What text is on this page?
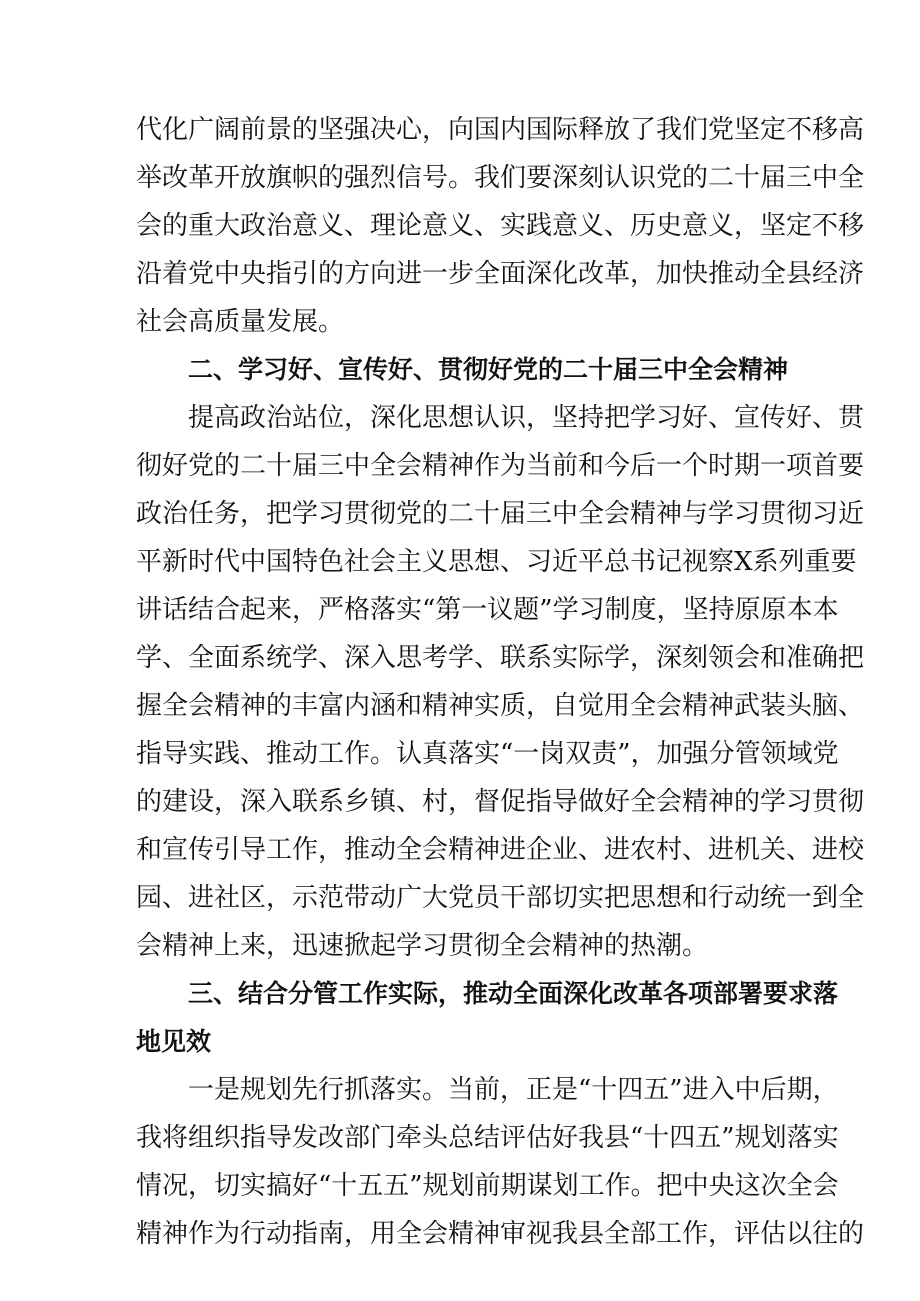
代化广阔前景的坚强决心，向国内国际释放了我们党坚定不移高
举改革开放旗帜的强烈信号。我们要深刻认识党的二十届三中全
会的重大政治意义、理论意义、实践意义、历史意义，坚定不移
沿着党中央指引的方向进一步全面深化改革，加快推动全县经济
社会高质量发展。
二、学习好、宣传好、贯彻好党的二十届三中全会精神
提高政治站位，深化思想认识，坚持把学习好、宣传好、贯
彻好党的二十届三中全会精神作为当前和今后一个时期一项首要
政治任务，把学习贯彻党的二十届三中全会精神与学习贯彻习近
平新时代中国特色社会主义思想、习近平总书记视察X系列重要
讲话结合起来，严格落实“第一议题”学习制度，坚持原原本本
学、全面系统学、深入思考学、联系实际学，深刻领会和准确把
握全会精神的丰富内涵和精神实质，自觉用全会精神武装头脑、
指导实践、推动工作。认真落实“一岗双责”，加强分管领域党
的建设，深入联系乡镇、村，督促指导做好全会精神的学习贯彻
和宣传引导工作，推动全会精神进企业、进农村、进机关、进校
园、进社区，示范带动广大党员干部切实把思想和行动统一到全
会精神上来，迅速掀起学习贯彻全会精神的热潮。
三、结合分管工作实际，推动全面深化改革各项部署要求落
地见效
一是规划先行抓落实。当前，正是“十四五”进入中后期，
我将组织指导发改部门牵头总结评估好我县“十四五”规划落实
情况，切实搞好“十五五”规划前期谋划工作。把中央这次全会
精神作为行动指南，用全会精神审视我县全部工作，评估以往的
